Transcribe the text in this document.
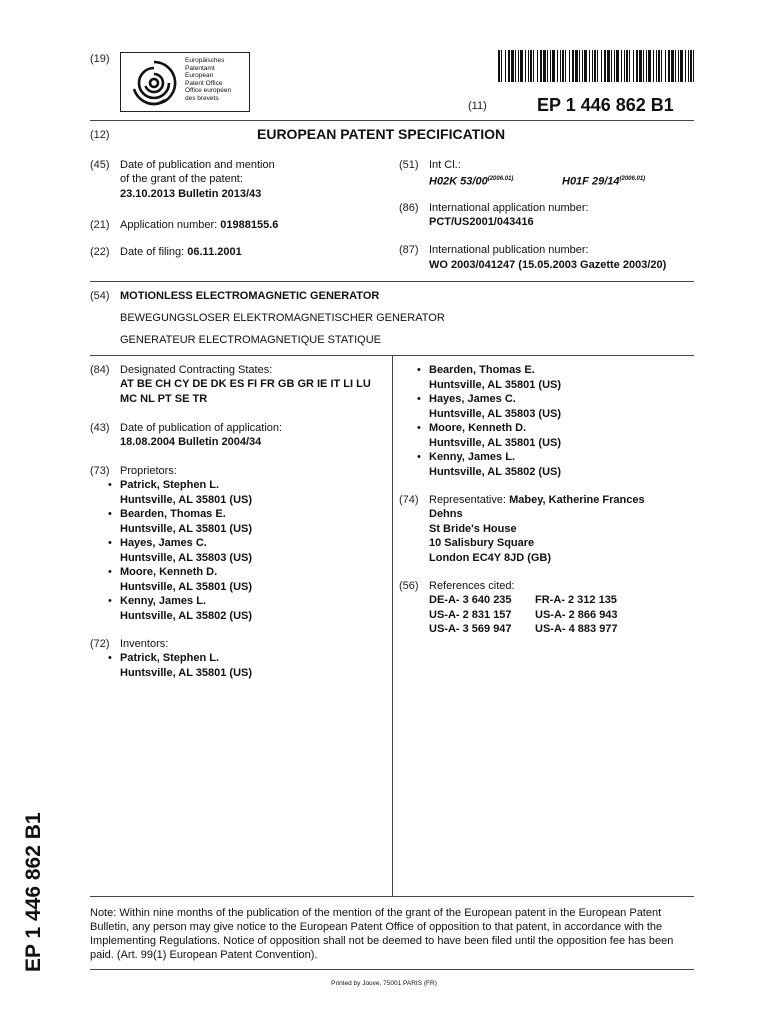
(19)	Europäisches
Patentamt
European
Patent Office
Office européen
des brevets
(11)	EP 1 446 862 B1
(12)	EUROPEAN PATENT SPECIFICATION
(45) Date of publication and mention
of the grant of the patent:
23.10.2013 Bulletin 2013/43
(21) Application number: 01988155.6
(22) Date of filing: 06.11.2001
(51) Int Cl.:
H02K $53/00^{(2006.01)}$	H01F $29/14^{(2006.01)}$
(86) International application number:
PCT/US2001/043416
(87) International publication number:
WO 2003/041247 (15.05.2003 Gazette 2003/20)
(54) MOTIONLESS ELECTROMAGNETIC GENERATOR
BEWEGUNGSLOSER ELEKTROMAGNETISCHER GENERATOR
GENERATEUR ELECTROMAGNETIQUE STATIQUE
(84) Designated Contracting States:
AT BE CH CY DE DK ES FI FR GB GR IE IT LI LU
MC NL PT SE TR
(43) Date of publication of application:
18.08.2004 Bulletin 2004/34
(73) Proprietors:
• Patrick, Stephen L.
Huntsville, AL 35801 (US)
• Bearden, Thomas E.
Huntsville, AL 35801 (US)
• Hayes, James C.
Huntsville, AL 35803 (US)
• Moore, Kenneth D.
Huntsville, AL 35801 (US)
• Kenny, James L.
Huntsville, AL 35802 (US)
(72) Inventors:
• Patrick, Stephen L.
Huntsville, AL 35801 (US)
• Bearden, Thomas E.
Huntsville, AL 35801 (US)
• Hayes, James C.
Huntsville, AL 35803 (US)
• Moore, Kenneth D.
Huntsville, AL 35801 (US)
• Kenny, James L.
Huntsville, AL 35802 (US)
(74) Representative: Mabey, Katherine Frances
Dehns
St Bride's House
10 Salisbury Square
London EC4Y 8JD (GB)
(56) References cited:
DE-A- 3 640 235 FR-A- 2 312 135
US-A- 2 831 157 US-A- 2 866 943
US-A- 3 569 947 US-A- 4 883 977
Note: Within nine months of the publication of the mention of the grant of the European patent in the European Patent
Bulletin, any person may give notice to the European Patent Office of opposition to that patent, in accordance with the
Implementing Regulations. Notice of opposition shall not be deemed to have been filed until the opposition fee has been
paid. (Art. 99(1) European Patent Convention).
Printed by Jouve, 75001 PARIS (FR)
EP 1 446 862 B1
